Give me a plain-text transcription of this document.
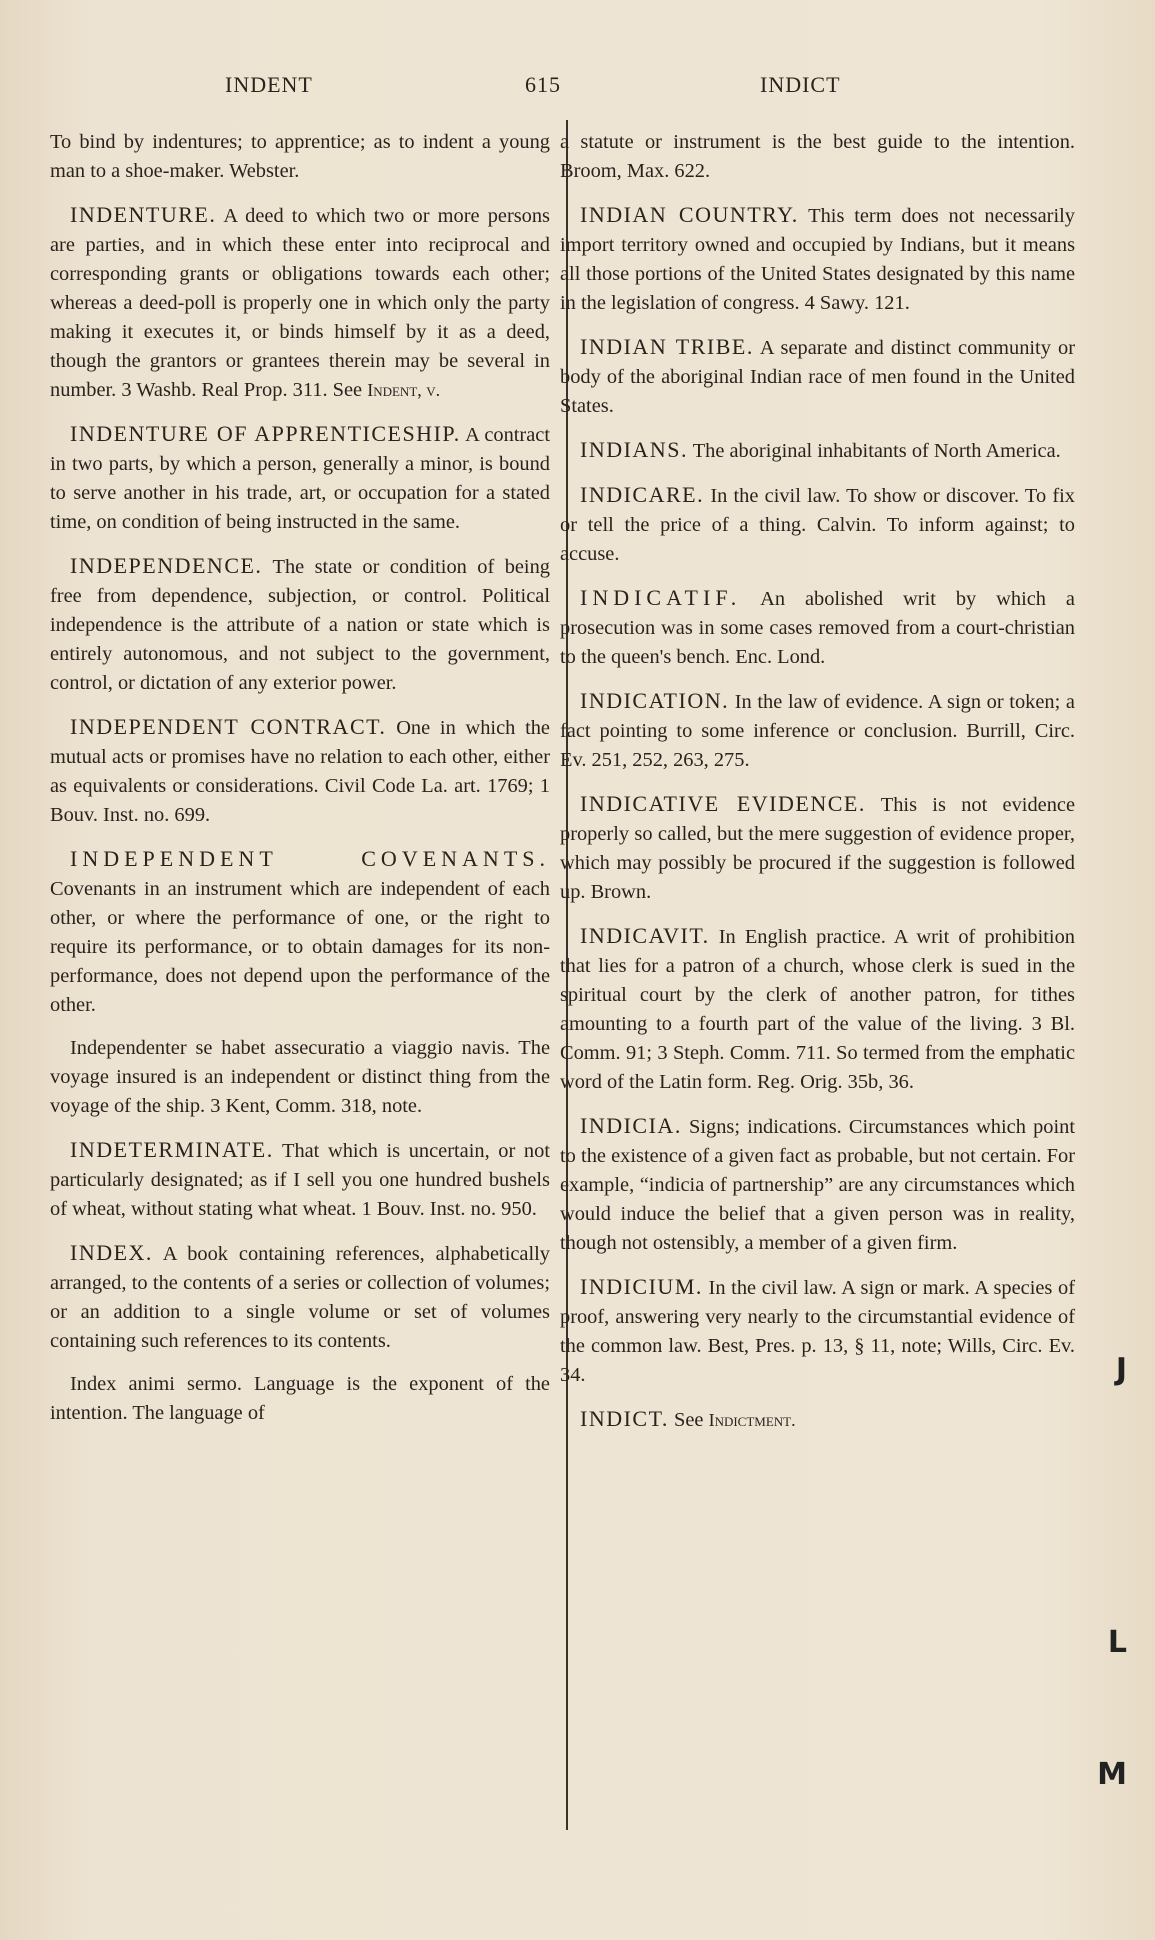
INDENT	615	INDICT

To bind by indentures; to apprentice; as to indent a young man to a shoe-maker. Webster.

INDENTURE. A deed to which two or more persons are parties, and in which these enter into reciprocal and corresponding grants or obligations towards each other; whereas a deed-poll is properly one in which only the party making it executes it, or binds himself by it as a deed, though the grantors or grantees therein may be several in number. 3 Washb. Real Prop. 311. See Indent, v.

INDENTURE OF APPRENTICESHIP. A contract in two parts, by which a person, generally a minor, is bound to serve another in his trade, art, or occupation for a stated time, on condition of being instructed in the same.

INDEPENDENCE. The state or condition of being free from dependence, subjection, or control. Political independence is the attribute of a nation or state which is entirely autonomous, and not subject to the government, control, or dictation of any exterior power.

INDEPENDENT CONTRACT. One in which the mutual acts or promises have no relation to each other, either as equivalents or considerations. Civil Code La. art. 1769; 1 Bouv. Inst. no. 699.

INDEPENDENT COVENANTS. Covenants in an instrument which are independent of each other, or where the performance of one, or the right to require its performance, or to obtain damages for its non-performance, does not depend upon the performance of the other.

Independenter se habet assecuratio a viaggio navis. The voyage insured is an independent or distinct thing from the voyage of the ship. 3 Kent, Comm. 318, note.

INDETERMINATE. That which is uncertain, or not particularly designated; as if I sell you one hundred bushels of wheat, without stating what wheat. 1 Bouv. Inst. no. 950.

INDEX. A book containing references, alphabetically arranged, to the contents of a series or collection of volumes; or an addition to a single volume or set of volumes containing such references to its contents.

Index animi sermo. Language is the exponent of the intention. The language of

a statute or instrument is the best guide to the intention. Broom, Max. 622.

INDIAN COUNTRY. This term does not necessarily import territory owned and occupied by Indians, but it means all those portions of the United States designated by this name in the legislation of congress. 4 Sawy. 121.

INDIAN TRIBE. A separate and distinct community or body of the aboriginal Indian race of men found in the United States.

INDIANS. The aboriginal inhabitants of North America.

INDICARE. In the civil law. To show or discover. To fix or tell the price of a thing. Calvin. To inform against; to accuse.

INDICATIF. An abolished writ by which a prosecution was in some cases removed from a court-christian to the queen's bench. Enc. Lond.

INDICATION. In the law of evidence. A sign or token; a fact pointing to some inference or conclusion. Burrill, Circ. Ev. 251, 252, 263, 275.

INDICATIVE EVIDENCE. This is not evidence properly so called, but the mere suggestion of evidence proper, which may possibly be procured if the suggestion is followed up. Brown.

INDICAVIT. In English practice. A writ of prohibition that lies for a patron of a church, whose clerk is sued in the spiritual court by the clerk of another patron, for tithes amounting to a fourth part of the value of the living. 3 Bl. Comm. 91; 3 Steph. Comm. 711. So termed from the emphatic word of the Latin form. Reg. Orig. 35b, 36.

INDICIA. Signs; indications. Circumstances which point to the existence of a given fact as probable, but not certain. For example, “indicia of partnership” are any circumstances which would induce the belief that a given person was in reality, though not ostensibly, a member of a given firm.

INDICIUM. In the civil law. A sign or mark. A species of proof, answering very nearly to the circumstantial evidence of the common law. Best, Pres. p. 13, § 11, note; Wills, Circ. Ev. 34.

INDICT. See Indictment.

J
L
M
